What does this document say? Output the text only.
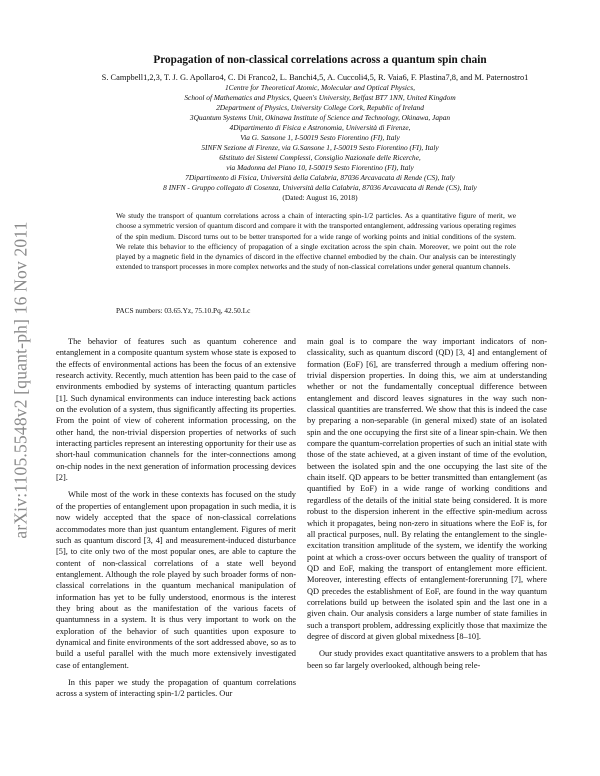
arXiv:1105.5548v2 [quant-ph] 16 Nov 2011
Propagation of non-classical correlations across a quantum spin chain
S. Campbell1,2,3, T. J. G. Apollaro4, C. Di Franco2, L. Banchi4,5, A. Cuccoli4,5, R. Vaia6, F. Plastina7,8, and M. Paternostro1
1Centre for Theoretical Atomic, Molecular and Optical Physics,
School of Mathematics and Physics, Queen's University, Belfast BT7 1NN, United Kingdom
2Department of Physics, University College Cork, Republic of Ireland
3Quantum Systems Unit, Okinawa Institute of Science and Technology, Okinawa, Japan
4Dipartimento di Fisica e Astronomia, Università di Firenze,
Via G. Sansone 1, I-50019 Sesto Fiorentino (FI), Italy
5INFN Sezione di Firenze, via G.Sansone 1, I-50019 Sesto Fiorentino (FI), Italy
6Istituto dei Sistemi Complessi, Consiglio Nazionale delle Ricerche,
via Madonna del Piano 10, I-50019 Sesto Fiorentino (FI), Italy
7Dipartimento di Fisica, Università della Calabria, 87036 Arcavacata di Rende (CS), Italy
8 INFN - Gruppo collegato di Cosenza, Università della Calabria, 87036 Arcavacata di Rende (CS), Italy
(Dated: August 16, 2018)
We study the transport of quantum correlations across a chain of interacting spin-1/2 particles. As a quantitative figure of merit, we choose a symmetric version of quantum discord and compare it with the transported entanglement, addressing various operating regimes of the spin medium. Discord turns out to be better transported for a wide range of working points and initial conditions of the system. We relate this behavior to the efficiency of propagation of a single excitation across the spin chain. Moreover, we point out the role played by a magnetic field in the dynamics of discord in the effective channel embodied by the chain. Our analysis can be interestingly extended to transport processes in more complex networks and the study of non-classical correlations under general quantum channels.
PACS numbers: 03.65.Yz, 75.10.Pq, 42.50.Lc

The behavior of features such as quantum coherence and entanglement in a composite quantum system whose state is exposed to the effects of environmental actions has been the focus of an extensive research activity. Recently, much attention has been paid to the case of environments embodied by systems of interacting quantum particles [1]. Such dynamical environments can induce interesting back actions on the evolution of a system, thus significantly affecting its properties. From the point of view of coherent information processing, on the other hand, the non-trivial dispersion properties of networks of such interacting particles represent an interesting opportunity for their use as short-haul communication channels for the inter-connections among on-chip nodes in the next generation of information processing devices [2].

While most of the work in these contexts has focused on the study of the properties of entanglement upon propagation in such media, it is now widely accepted that the space of non-classical correlations accommodates more than just quantum entanglement. Figures of merit such as quantum discord [3, 4] and measurement-induced disturbance [5], to cite only two of the most popular ones, are able to capture the content of non-classical correlations of a state well beyond entanglement. Although the role played by such broader forms of non-classical correlations in the quantum mechanical manipulation of information has yet to be fully understood, enormous is the interest they bring about as the manifestation of the various facets of quantumness in a system. It is thus very important to work on the exploration of the behavior of such quantities upon exposure to dynamical and finite environments of the sort addressed above, so as to build a useful parallel with the much more extensively investigated case of entanglement.

In this paper we study the propagation of quantum correlations across a system of interacting spin-1/2 particles. Our

main goal is to compare the way important indicators of non-classicality, such as quantum discord (QD) [3, 4] and entanglement of formation (EoF) [6], are transferred through a medium offering non-trivial dispersion properties. In doing this, we aim at understanding whether or not the fundamentally conceptual difference between entanglement and discord leaves signatures in the way such non-classical quantities are transferred. We show that this is indeed the case by preparing a non-separable (in general mixed) state of an isolated spin and the one occupying the first site of a linear spin-chain. We then compare the quantum-correlation properties of such an initial state with those of the state achieved, at a given instant of time of the evolution, between the isolated spin and the one occupying the last site of the chain itself. QD appears to be better transmitted than entanglement (as quantified by EoF) in a wide range of working conditions and regardless of the details of the initial state being considered. It is more robust to the dispersion inherent in the effective spin-medium across which it propagates, being non-zero in situations where the EoF is, for all practical purposes, null. By relating the entanglement to the single-excitation transition amplitude of the system, we identify the working point at which a cross-over occurs between the quality of transport of QD and EoF, making the transport of entanglement more efficient. Moreover, interesting effects of entanglement-forerunning [7], where QD precedes the establishment of EoF, are found in the way quantum correlations build up between the isolated spin and the last one in a given chain. Our analysis considers a large number of state families in such a transport problem, addressing explicitly those that maximize the degree of discord at given global mixedness [8–10].

Our study provides exact quantitative answers to a problem that has been so far largely overlooked, although being rele-
